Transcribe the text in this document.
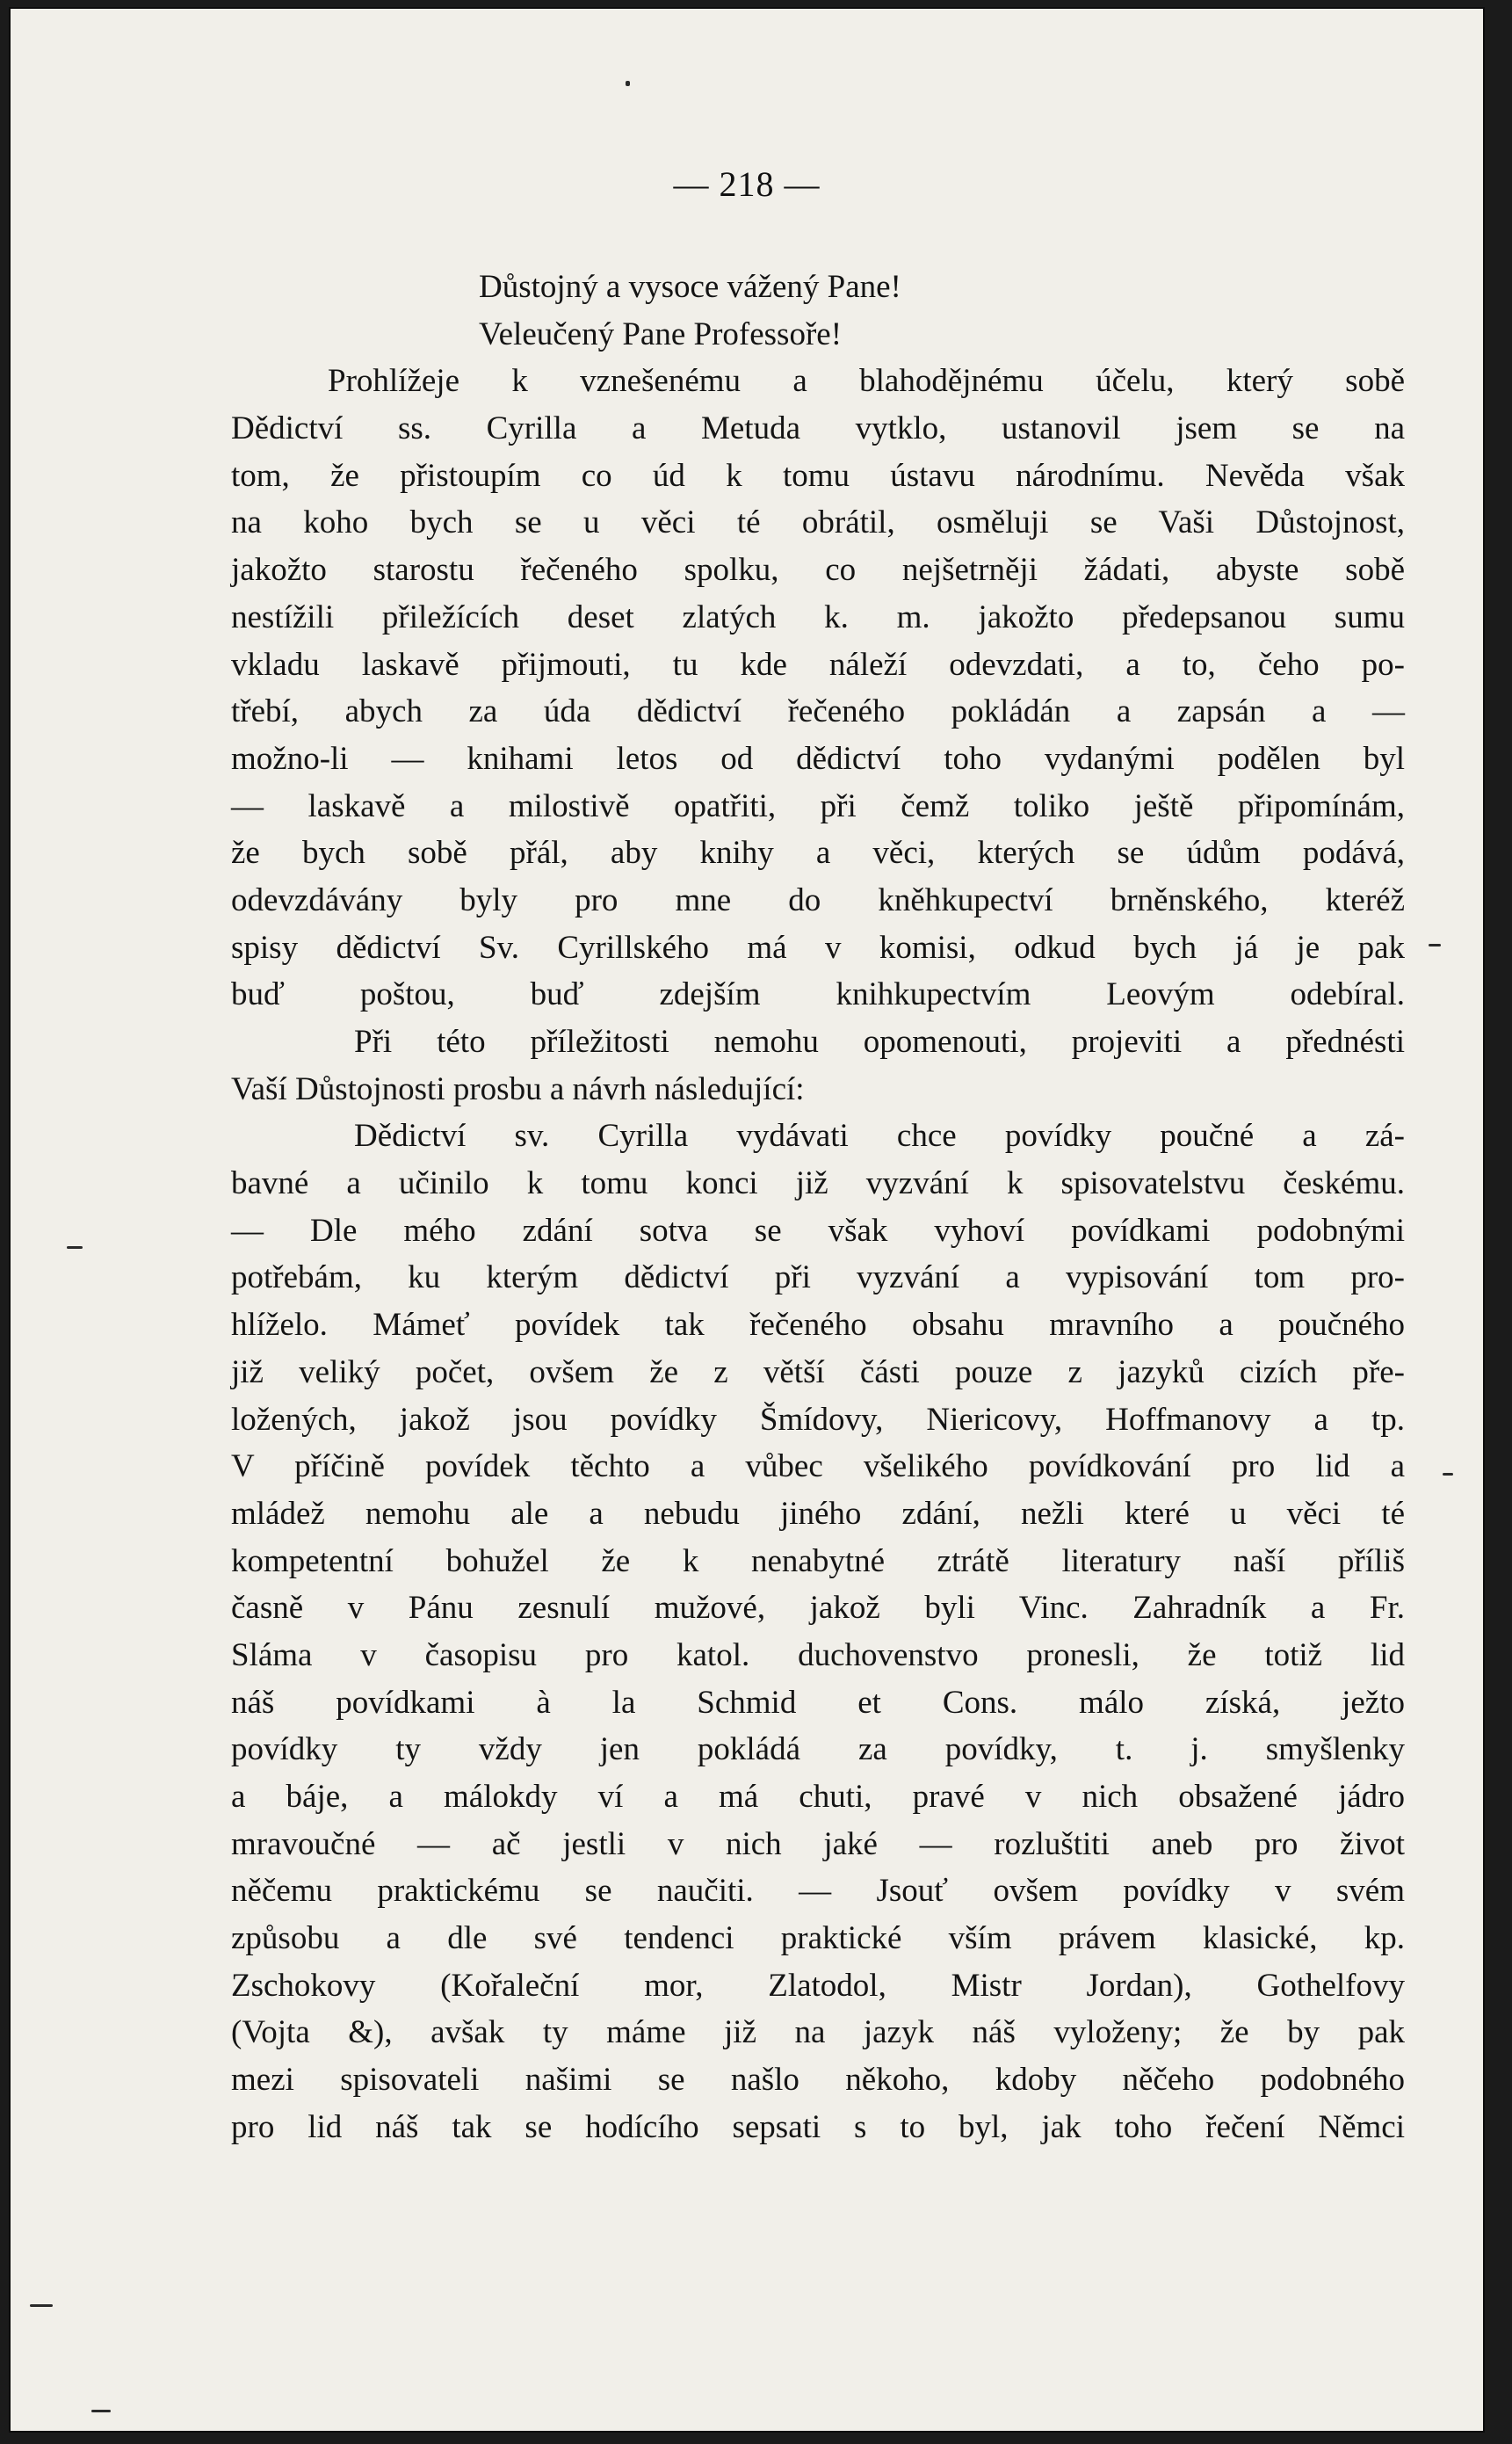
— 218 —
Důstojný a vysoce vážený Pane!
Veleučený Pane Professoře!
Prohlížeje k vznešenému a blahodějnému účelu, který sobě
Dědictví ss. Cyrilla a Metuda vytklo, ustanovil jsem se na
tom, že přistoupím co úd k tomu ústavu národnímu. Nevěda však
na koho bych se u věci té obrátil, osměluji se Vaši Důstojnost,
jakožto starostu řečeného spolku, co nejšetrněji žádati, abyste sobě
nestížili přiležících deset zlatých k. m. jakožto předepsanou sumu
vkladu laskavě přijmouti, tu kde náleží odevzdati, a to, čeho po-
třebí, abych za úda dědictví řečeného pokládán a zapsán a —
možno-li — knihami letos od dědictví toho vydanými podělen byl
— laskavě a milostivě opatřiti, při čemž toliko ještě připomínám,
že bych sobě přál, aby knihy a věci, kterých se údům podává,
odevzdávány byly pro mne do kněhkupectví brněnského, kteréž
spisy dědictví Sv. Cyrillského má v komisi, odkud bych já je pak
buď poštou, buď zdejším knihkupectvím Leovým odebíral.
Při této příležitosti nemohu opomenouti, projeviti a přednésti
Vaší Důstojnosti prosbu a návrh následující:
Dědictví sv. Cyrilla vydávati chce povídky poučné a zá-
bavné a učinilo k tomu konci již vyzvání k spisovatelstvu českému.
— Dle mého zdání sotva se však vyhoví povídkami podobnými
potřebám, ku kterým dědictví při vyzvání a vypisování tom pro-
hlíželo. Mámeť povídek tak řečeného obsahu mravního a poučného
již veliký počet, ovšem že z větší části pouze z jazyků cizích pře-
ložených, jakož jsou povídky Šmídovy, Niericovy, Hoffmanovy a tp.
V příčině povídek těchto a vůbec všelikého povídkování pro lid a
mládež nemohu ale a nebudu jiného zdání, nežli které u věci té
kompetentní bohužel že k nenabytné ztrátě literatury naší příliš
časně v Pánu zesnulí mužové, jakož byli Vinc. Zahradník a Fr.
Sláma v časopisu pro katol. duchovenstvo pronesli, že totiž lid
náš povídkami à la Schmid et Cons. málo získá, ježto
povídky ty vždy jen pokládá za povídky, t. j. smyšlenky
a báje, a málokdy ví a má chuti, pravé v nich obsažené jádro
mravoučné — ač jestli v nich jaké — rozluštiti aneb pro život
něčemu praktickému se naučiti. — Jsouť ovšem povídky v svém
způsobu a dle své tendenci praktické vším právem klasické, kp.
Zschokovy (Kořaleční mor, Zlatodol, Mistr Jordan), Gothelfovy
(Vojta &), avšak ty máme již na jazyk náš vyloženy; že by pak
mezi spisovateli našimi se našlo někoho, kdoby něčeho podobného
pro lid náš tak se hodícího sepsati s to byl, jak toho řečení Němci
